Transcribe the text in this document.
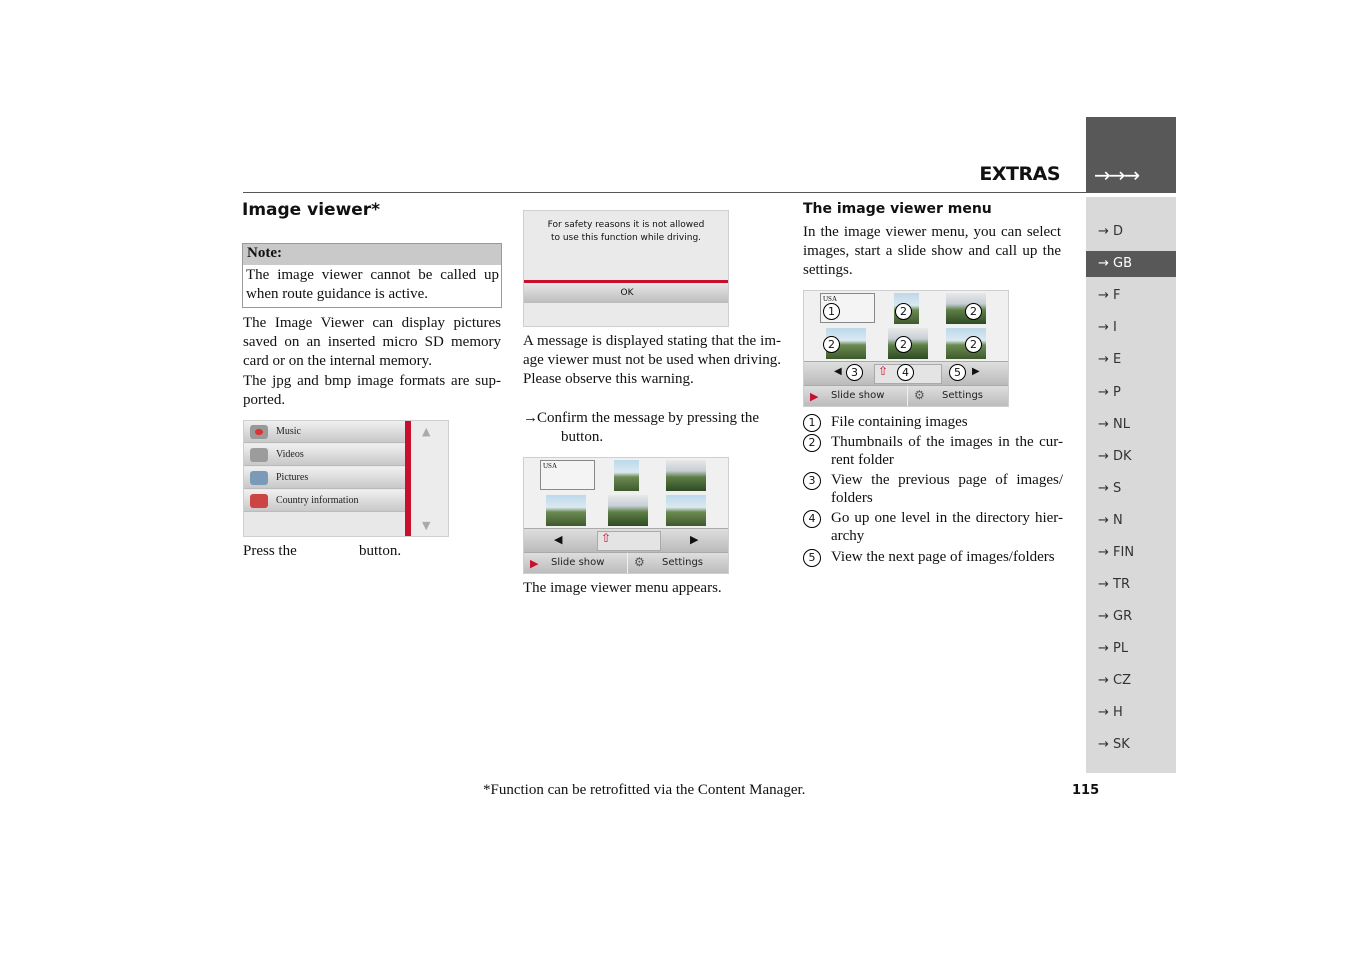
EXTRAS →→→
→ D
→ GB
→ F
→ I
→ E
→ P
→ NL
→ DK
→ S
→ N
→ FIN
→ TR
→ GR
→ PL
→ CZ
→ H
→ SK
Image viewer*
Note:
The image viewer cannot be called up when route guidance is active.
The Image Viewer can display pictures saved on an inserted micro SD memory card or on the internal memory.
The jpg and bmp image formats are sup- ported.
Music
Videos
Pictures
Country information
▲
▼
Press the	button.
For safety reasons it is not allowed
to use this function while driving.
OK
A message is displayed stating that the im- age viewer must not be used when driving. Please observe this warning.
→ Confirm the message by pressing the
button.
USA
◀	⇧	▶
▶ Slide show ⚙ Settings
The image viewer menu appears.
The image viewer menu
In the image viewer menu, you can select images, start a slide show and call up the settings.
USA
◀	⇧	▶
▶ Slide show ⚙ Settings
1	2	2
2	2	2
3	4	5
1	File containing images
2	Thumbnails of the images in the cur- rent folder
3	View the previous page of images/ folders
4	Go up one level in the directory hier- archy
5	View the next page of images/folders
*Function can be retrofitted via the Content Manager.	115
